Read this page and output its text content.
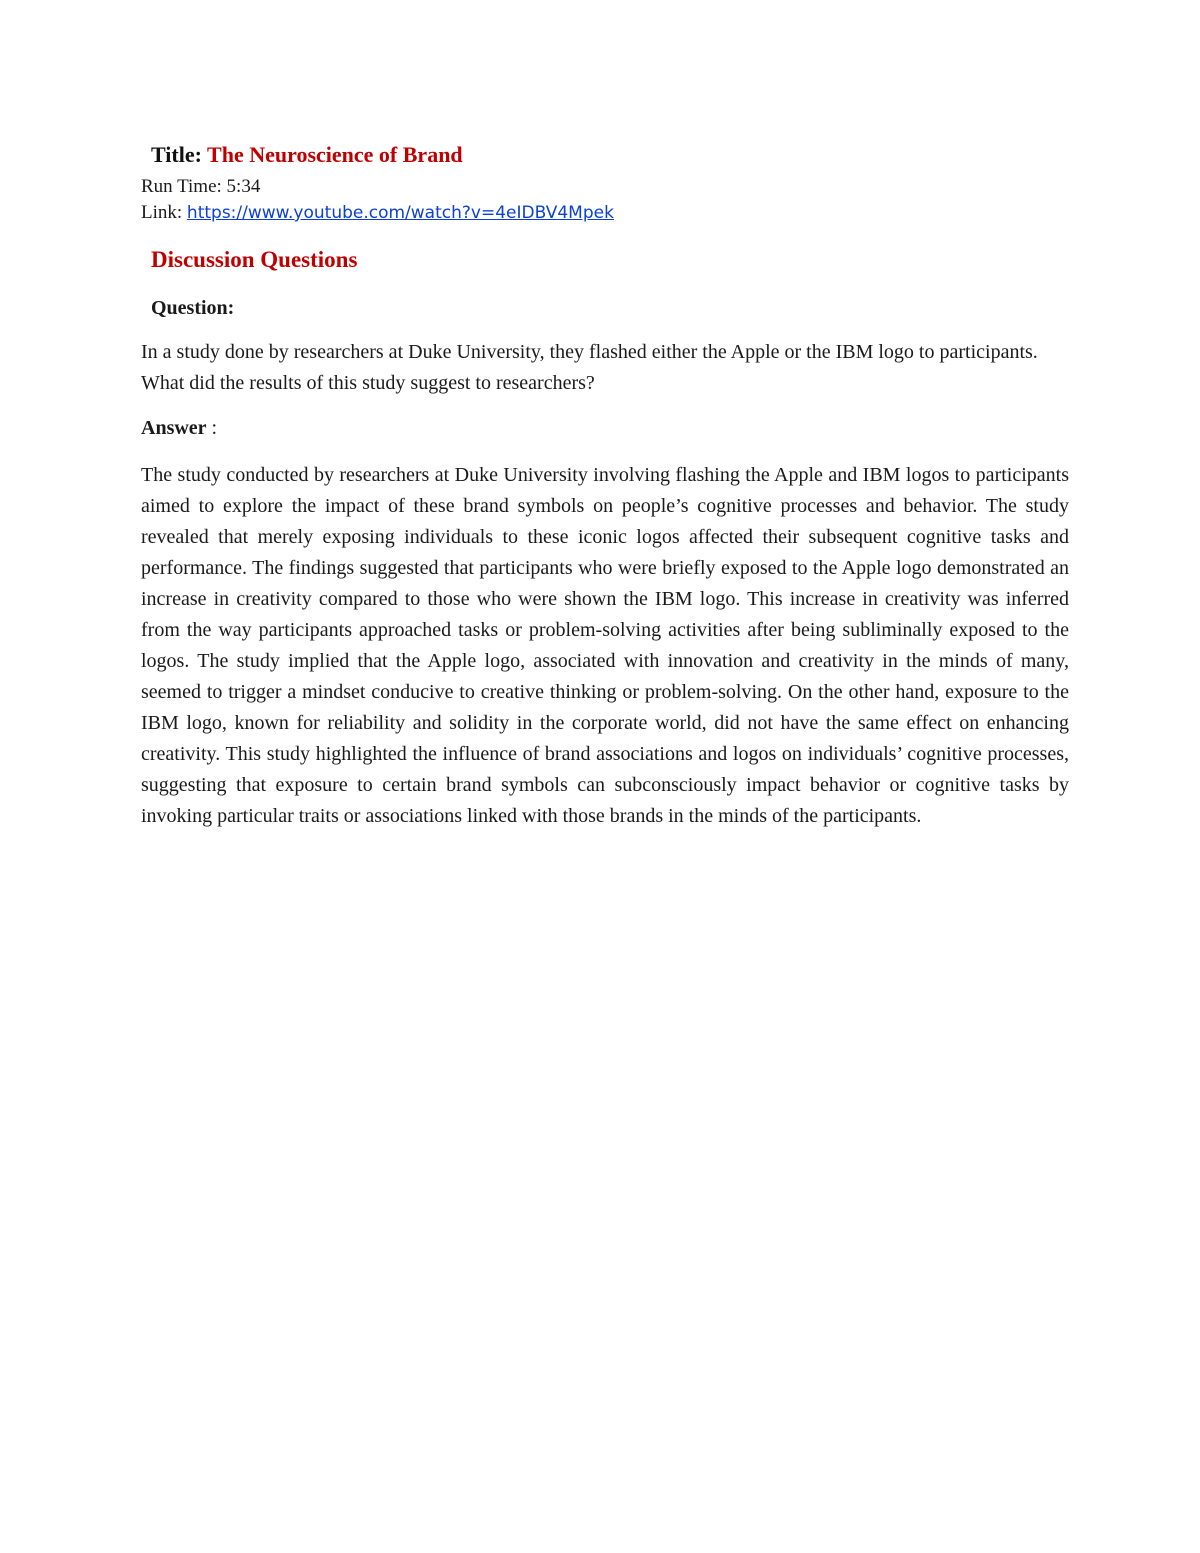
Title: The Neuroscience of Brand
Run Time: 5:34
Link: https://www.youtube.com/watch?v=4eIDBV4Mpek
Discussion Questions
Question:
In a study done by researchers at Duke University, they flashed either the Apple or the IBM logo to participants. What did the results of this study suggest to researchers?
Answer :
The study conducted by researchers at Duke University involving flashing the Apple and IBM logos to participants aimed to explore the impact of these brand symbols on people’s cognitive processes and behavior. The study revealed that merely exposing individuals to these iconic logos affected their subsequent cognitive tasks and performance. The findings suggested that participants who were briefly exposed to the Apple logo demonstrated an increase in creativity compared to those who were shown the IBM logo. This increase in creativity was inferred from the way participants approached tasks or problem-solving activities after being subliminally exposed to the logos. The study implied that the Apple logo, associated with innovation and creativity in the minds of many, seemed to trigger a mindset conducive to creative thinking or problem-solving. On the other hand, exposure to the IBM logo, known for reliability and solidity in the corporate world, did not have the same effect on enhancing creativity. This study highlighted the influence of brand associations and logos on individuals’ cognitive processes, suggesting that exposure to certain brand symbols can subconsciously impact behavior or cognitive tasks by invoking particular traits or associations linked with those brands in the minds of the participants.
